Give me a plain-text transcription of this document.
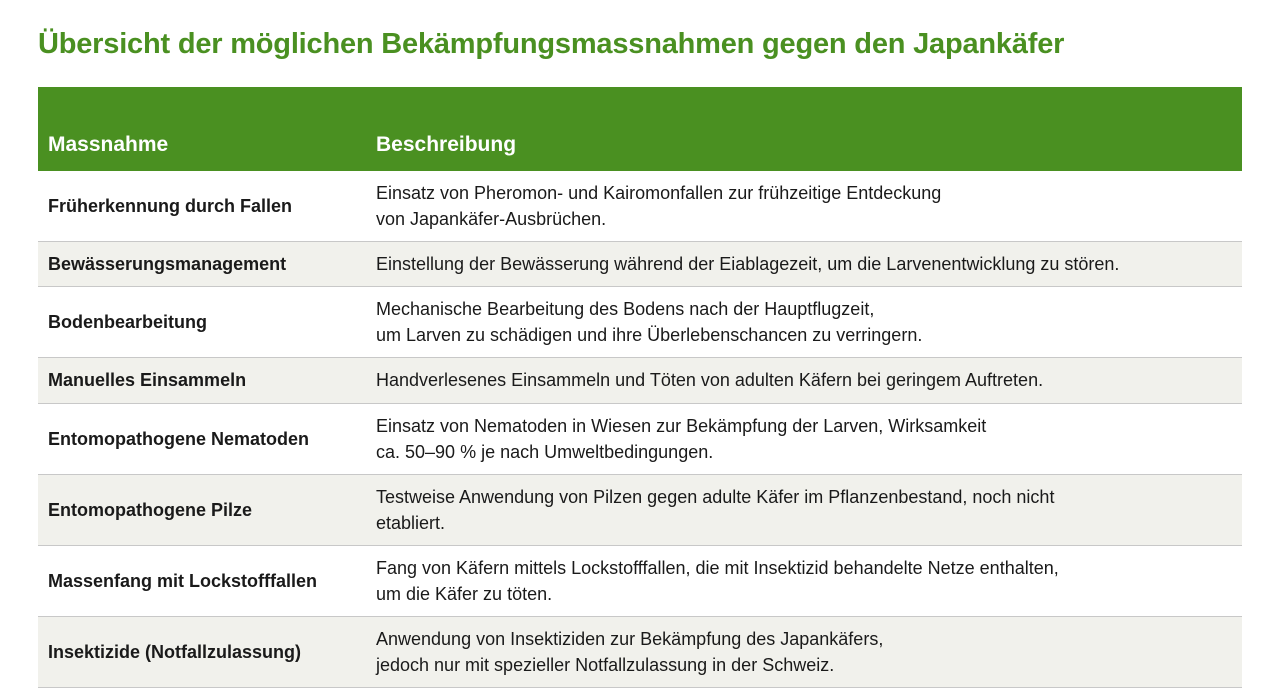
Übersicht der möglichen Bekämpfungsmassnahmen gegen den Japankäfer
Massnahme	Beschreibung
Früherkennung durch Fallen	Einsatz von Pheromon- und Kairomonfallen zur frühzeitige Entdeckung
von Japankäfer-Ausbrüchen.

Bewässerungsmanagement	Einstellung der Bewässerung während der Eiablagezeit, um die Larvenentwicklung zu stören.

Bodenbearbeitung	Mechanische Bearbeitung des Bodens nach der Hauptflugzeit,
um Larven zu schädigen und ihre Überlebenschancen zu verringern.

Manuelles Einsammeln	Handverlesenes Einsammeln und Töten von adulten Käfern bei geringem Auftreten.

Entomopathogene Nematoden	Einsatz von Nematoden in Wiesen zur Bekämpfung der Larven, Wirksamkeit
ca. 50–90 % je nach Umweltbedingungen.

Entomopathogene Pilze	Testweise Anwendung von Pilzen gegen adulte Käfer im Pflanzenbestand, noch nicht
etabliert.

Massenfang mit Lockstofffallen	Fang von Käfern mittels Lockstofffallen, die mit Insektizid behandelte Netze enthalten,
um die Käfer zu töten.

Insektizide (Notfallzulassung)	Anwendung von Insektiziden zur Bekämpfung des Japankäfers,
jedoch nur mit spezieller Notfallzulassung in der Schweiz.
